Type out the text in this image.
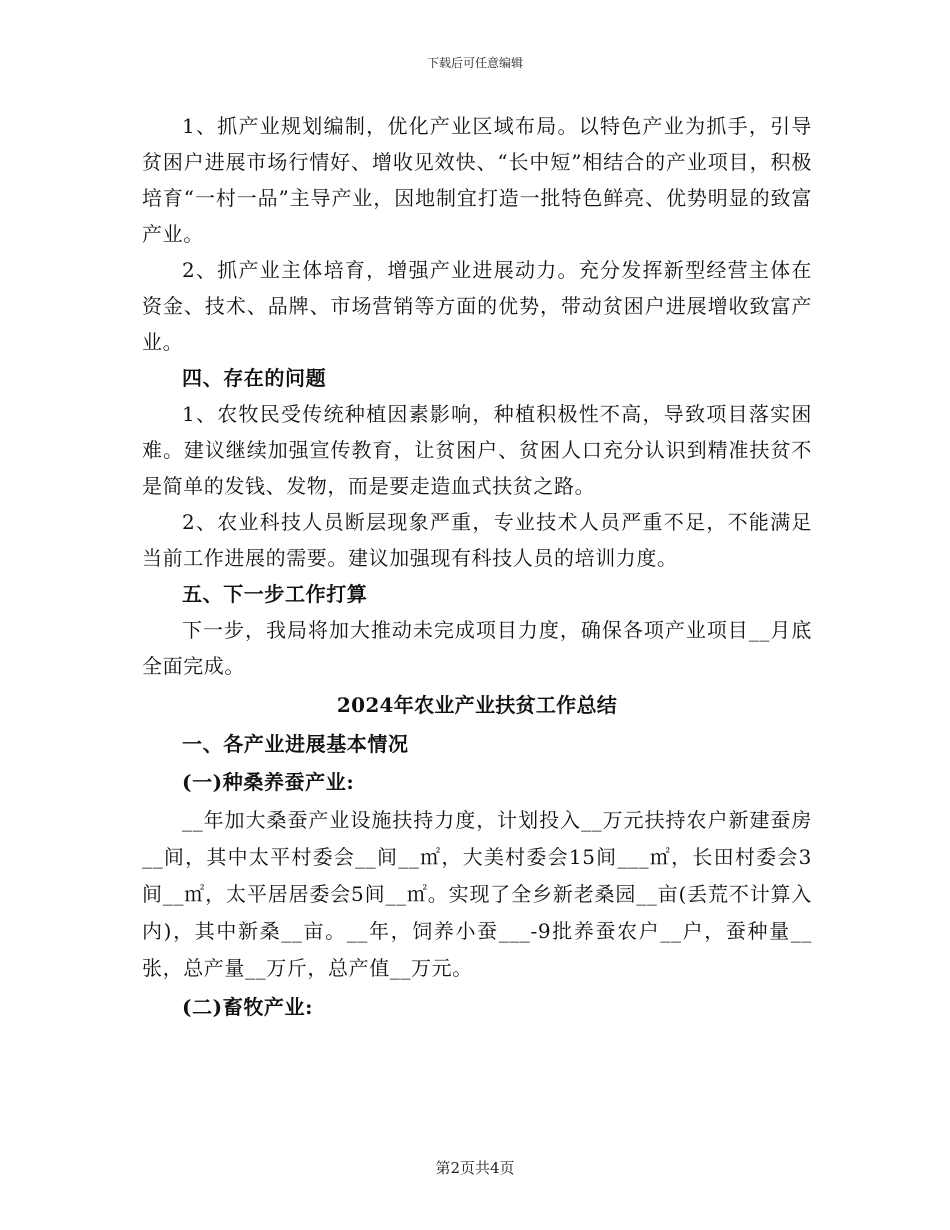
下载后可任意编辑

1、抓产业规划编制，优化产业区域布局。以特色产业为抓手，引导贫困户进展市场行情好、增收见效快、“长中短”相结合的产业项目，积极培育“一村一品”主导产业，因地制宜打造一批特色鲜亮、优势明显的致富产业。

2、抓产业主体培育，增强产业进展动力。充分发挥新型经营主体在资金、技术、品牌、市场营销等方面的优势，带动贫困户进展增收致富产业。

四、存在的问题

1、农牧民受传统种植因素影响，种植积极性不高，导致项目落实困难。建议继续加强宣传教育，让贫困户、贫困人口充分认识到精准扶贫不是简单的发钱、发物，而是要走造血式扶贫之路。

2、农业科技人员断层现象严重，专业技术人员严重不足，不能满足当前工作进展的需要。建议加强现有科技人员的培训力度。

五、下一步工作打算

下一步，我局将加大推动未完成项目力度，确保各项产业项目__月底全面完成。

2024年农业产业扶贫工作总结

一、各产业进展基本情况

(一)种桑养蚕产业:

__年加大桑蚕产业设施扶持力度，计划投入__万元扶持农户新建蚕房__间，其中太平村委会__间__㎡，大美村委会15间___㎡，长田村委会3间__㎡，太平居居委会5间__㎡。实现了全乡新老桑园__亩(丢荒不计算入内)，其中新桑__亩。__年，饲养小蚕___-9批养蚕农户__户，蚕种量__张，总产量__万斤，总产值__万元。

(二)畜牧产业:

第2页共4页
